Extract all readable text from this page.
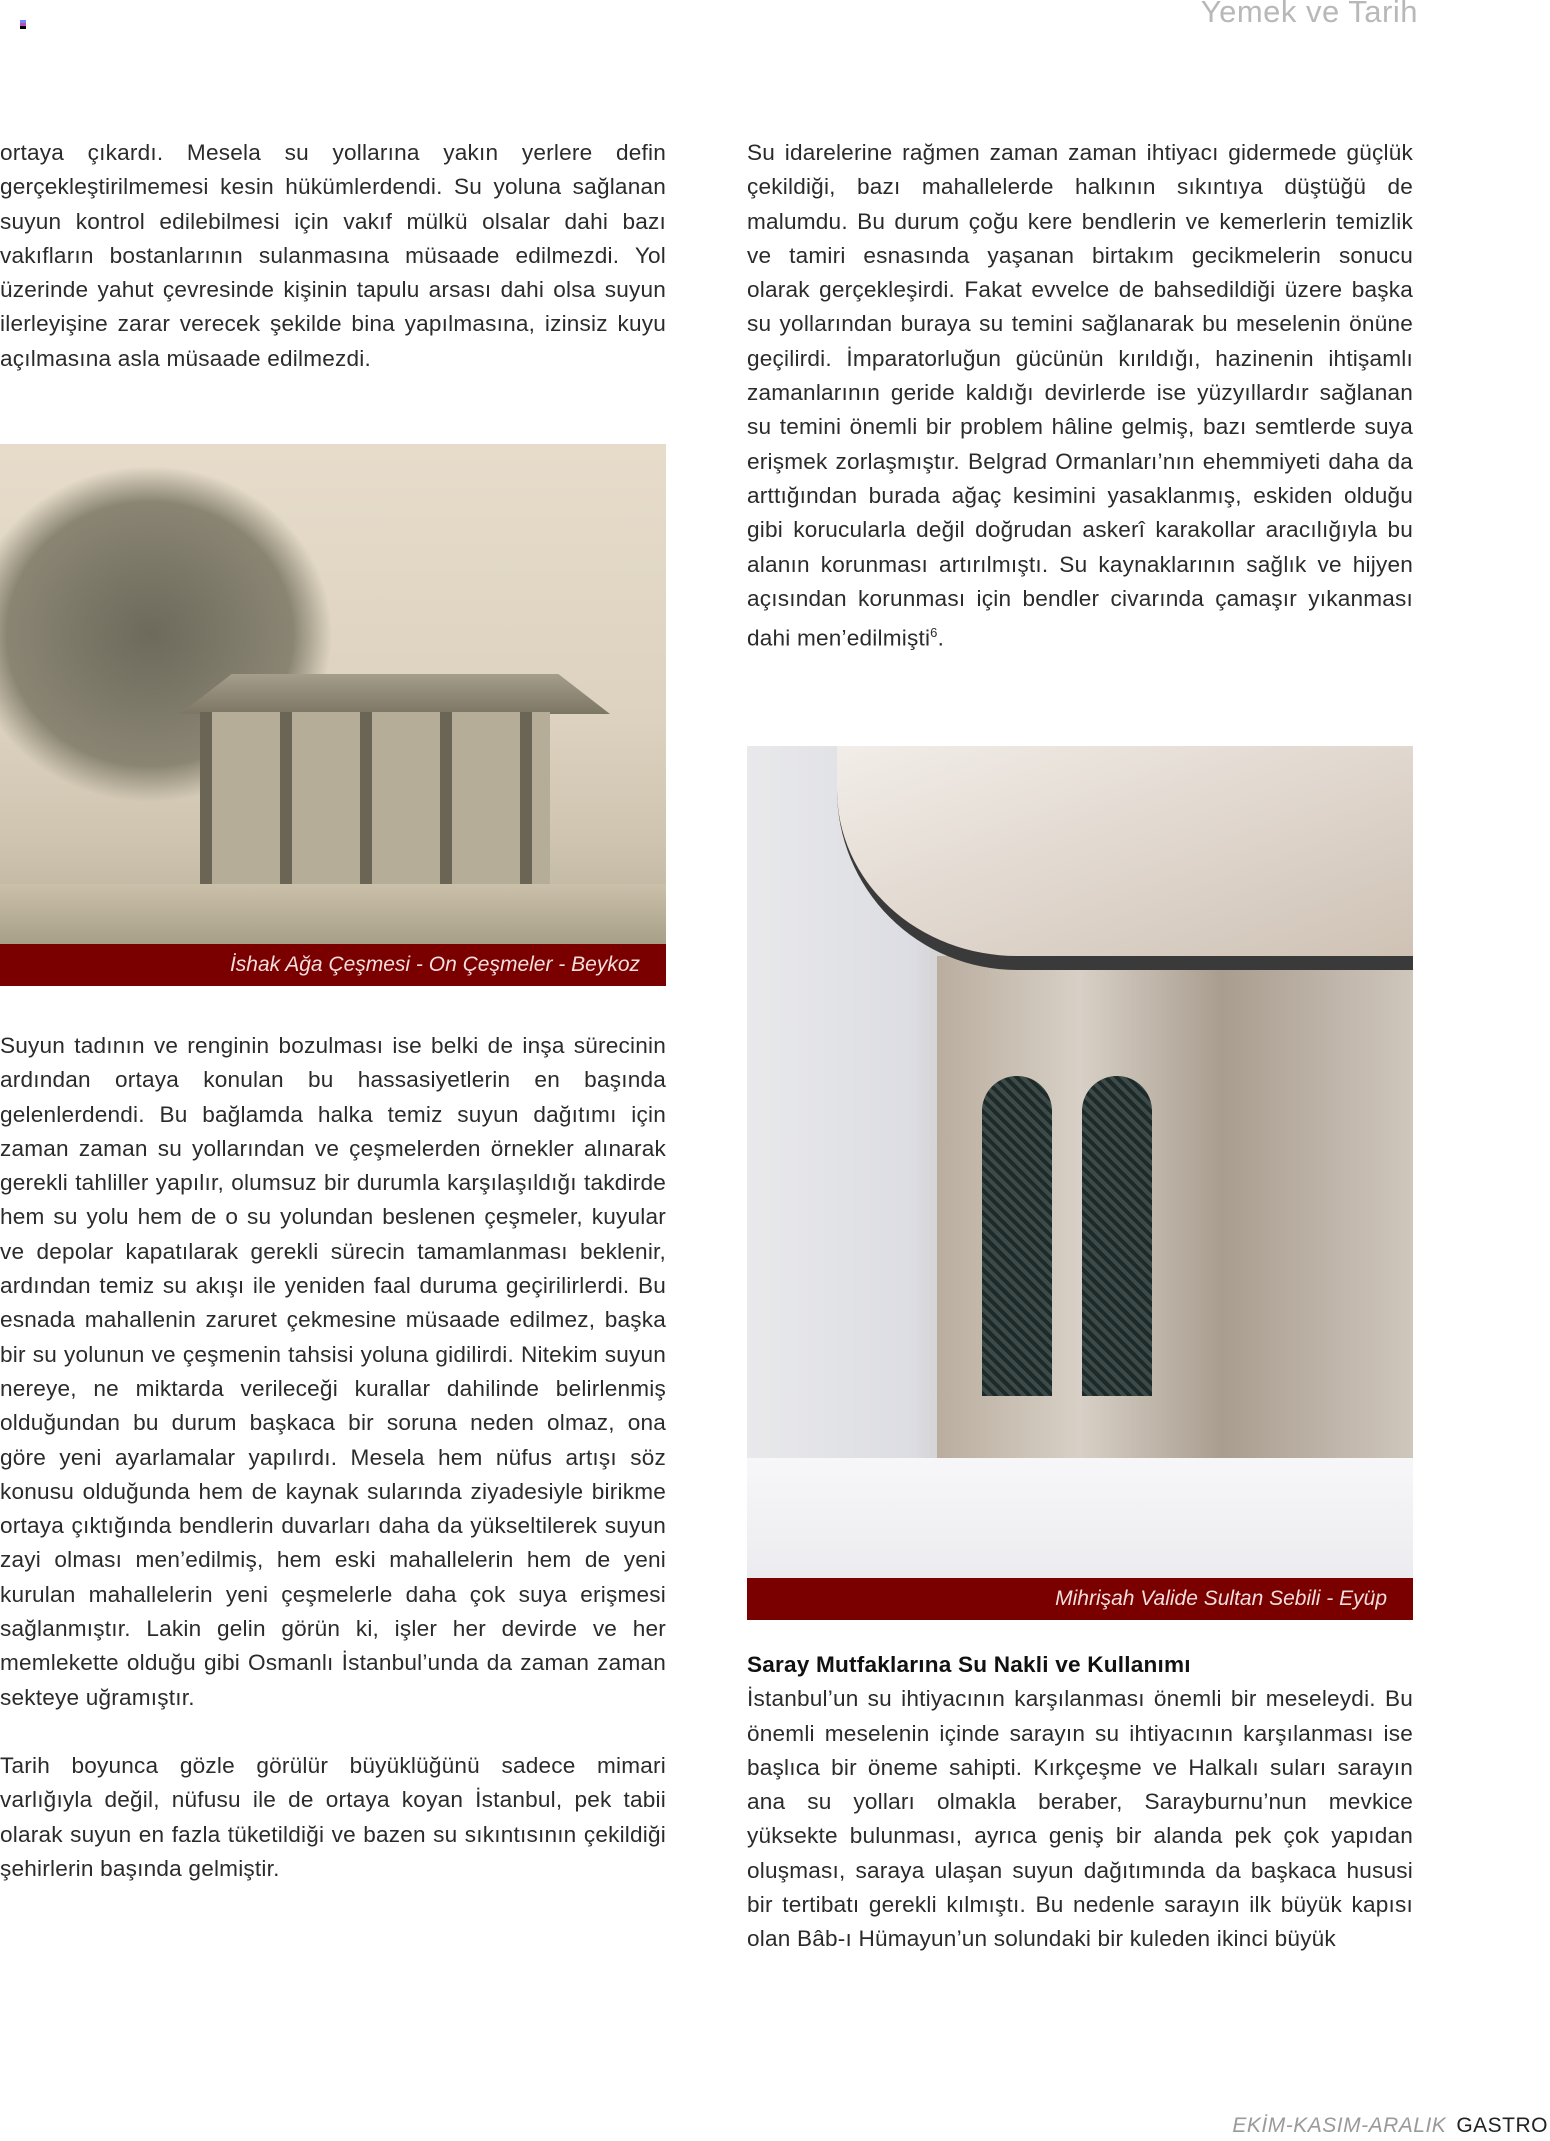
Yemek ve Tarih

ortaya çıkardı. Mesela su yollarına yakın yerlere defin gerçekleştirilmemesi kesin hükümlerdendi. Su yoluna sağlanan suyun kontrol edilebilmesi için vakıf mülkü olsalar dahi bazı vakıfların bostanlarının sulanmasına müsaade edilmezdi. Yol üzerinde yahut çevresinde kişinin tapulu arsası dahi olsa suyun ilerleyişine zarar verecek şekilde bina yapılmasına, izinsiz kuyu açılmasına asla müsaade edilmezdi.

İshak Ağa Çeşmesi - On Çeşmeler - Beykoz

Suyun tadının ve renginin bozulması ise belki de inşa sürecinin ardından ortaya konulan bu hassasiyetlerin en başında gelenlerdendi. Bu bağlamda halka temiz suyun dağıtımı için zaman zaman su yollarından ve çeşmelerden örnekler alınarak gerekli tahliller yapılır, olumsuz bir durumla karşılaşıldığı takdirde hem su yolu hem de o su yolundan beslenen çeşmeler, kuyular ve depolar kapatılarak gerekli sürecin tamamlanması beklenir, ardından temiz su akışı ile yeniden faal duruma geçirilirlerdi. Bu esnada mahallenin zaruret çekmesine müsaade edilmez, başka bir su yolunun ve çeşmenin tahsisi yoluna gidilirdi. Nitekim suyun nereye, ne miktarda verileceği kurallar dahilinde belirlenmiş olduğundan bu durum başkaca bir soruna neden olmaz, ona göre yeni ayarlamalar yapılırdı. Mesela hem nüfus artışı söz konusu olduğunda hem de kaynak sularında ziyadesiyle birikme ortaya çıktığında bendlerin duvarları daha da yükseltilerek suyun zayi olması men’edilmiş, hem eski mahallelerin hem de yeni kurulan mahallelerin yeni çeşmelerle daha çok suya erişmesi sağlanmıştır. Lakin gelin görün ki, işler her devirde ve her memlekette olduğu gibi Osmanlı İstanbul’unda da zaman zaman sekteye uğramıştır.

Tarih boyunca gözle görülür büyüklüğünü sadece mimari varlığıyla değil, nüfusu ile de ortaya koyan İstanbul, pek tabii olarak suyun en fazla tüketildiği ve bazen su sıkıntısının çekildiği şehirlerin başında gelmiştir.

Su idarelerine rağmen zaman zaman ihtiyacı gidermede güçlük çekildiği, bazı mahallelerde halkının sıkıntıya düştüğü de malumdu. Bu durum çoğu kere bendlerin ve kemerlerin temizlik ve tamiri esnasında yaşanan birtakım gecikmelerin sonucu olarak gerçekleşirdi. Fakat evvelce de bahsedildiği üzere başka su yollarından buraya su temini sağlanarak bu meselenin önüne geçilirdi. İmparatorluğun gücünün kırıldığı, hazinenin ihtişamlı zamanlarının geride kaldığı devirlerde ise yüzyıllardır sağlanan su temini önemli bir problem hâline gelmiş, bazı semtlerde suya erişmek zorlaşmıştır. Belgrad Ormanları’nın ehemmiyeti daha da arttığından burada ağaç kesimini yasaklanmış, eskiden olduğu gibi korucularla değil doğrudan askerî karakollar aracılığıyla bu alanın korunması artırılmıştı. Su kaynaklarının sağlık ve hijyen açısından korunması için bendler civarında çamaşır yıkanması dahi men’edilmişti$^6$.

Mihrişah Valide Sultan Sebili - Eyüp

Saray Mutfaklarına Su Nakli ve Kullanımı

İstanbul’un su ihtiyacının karşılanması önemli bir meseleydi. Bu önemli meselenin içinde sarayın su ihtiyacının karşılanması ise başlıca bir öneme sahipti. Kırkçeşme ve Halkalı suları sarayın ana su yolları olmakla beraber, Sarayburnu’nun mevkice yüksekte bulunması, ayrıca geniş bir alanda pek çok yapıdan oluşması, saraya ulaşan suyun dağıtımında da başkaca hususi bir tertibatı gerekli kılmıştı. Bu nedenle sarayın ilk büyük kapısı olan Bâb-ı Hümayun’un solundaki bir kuleden ikinci büyük

EKİM-KASIM-ARALIK GASTRO
